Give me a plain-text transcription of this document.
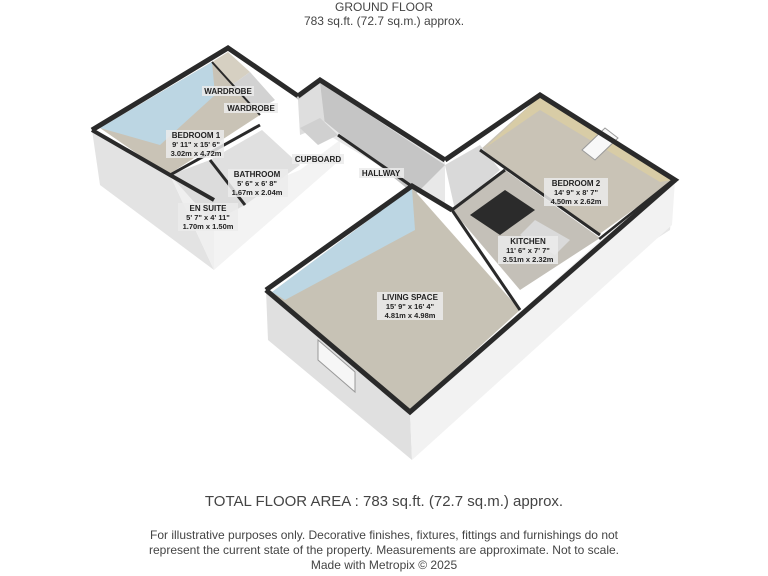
GROUND FLOOR
783 sq.ft. (72.7 sq.m.) approx.
WARDROBE
WARDROBE
BEDROOM 1
9' 11" x 15' 6"
3.02m x 4.72m
BATHROOM
5' 6" x 6' 8"
1.67m x 2.04m
EN SUITE
5' 7" x 4' 11"
1.70m x 1.50m
CUPBOARD
HALLWAY
BEDROOM 2
14' 9" x 8' 7"
4.50m x 2.62m
KITCHEN
11' 6" x 7' 7"
3.51m x 2.32m
LIVING SPACE
15' 9" x 16' 4"
4.81m x 4.98m
TOTAL FLOOR AREA : 783 sq.ft. (72.7 sq.m.) approx.
For illustrative purposes only. Decorative finishes, fixtures, fittings and furnishings do not
represent the current state of the property. Measurements are approximate. Not to scale.
Made with Metropix © 2025
